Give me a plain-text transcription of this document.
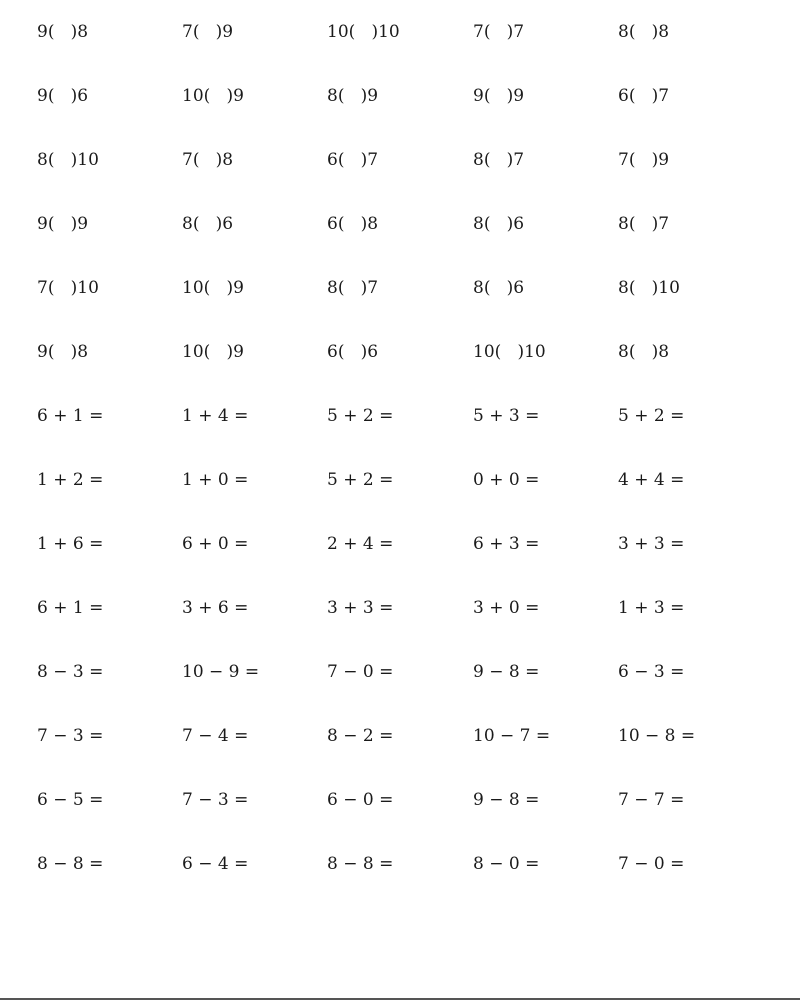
9(   )8	7(   )9	10(   )10	7(   )7	8(   )8
9(   )6	10(   )9	8(   )9	9(   )9	6(   )7
8(   )10	7(   )8	6(   )7	8(   )7	7(   )9
9(   )9	8(   )6	6(   )8	8(   )6	8(   )7
7(   )10	10(   )9	8(   )7	8(   )6	8(   )10
9(   )8	10(   )9	6(   )6	10(   )10	8(   )8
6 + 1 =	1 + 4 =	5 + 2 =	5 + 3 =	5 + 2 =
1 + 2 =	1 + 0 =	5 + 2 =	0 + 0 =	4 + 4 =
1 + 6 =	6 + 0 =	2 + 4 =	6 + 3 =	3 + 3 =
6 + 1 =	3 + 6 =	3 + 3 =	3 + 0 =	1 + 3 =
8 − 3 =	10 − 9 =	7 − 0 =	9 − 8 =	6 − 3 =
7 − 3 =	7 − 4 =	8 − 2 =	10 − 7 =	10 − 8 =
6 − 5 =	7 − 3 =	6 − 0 =	9 − 8 =	7 − 7 =
8 − 8 =	6 − 4 =	8 − 8 =	8 − 0 =	7 − 0 =
